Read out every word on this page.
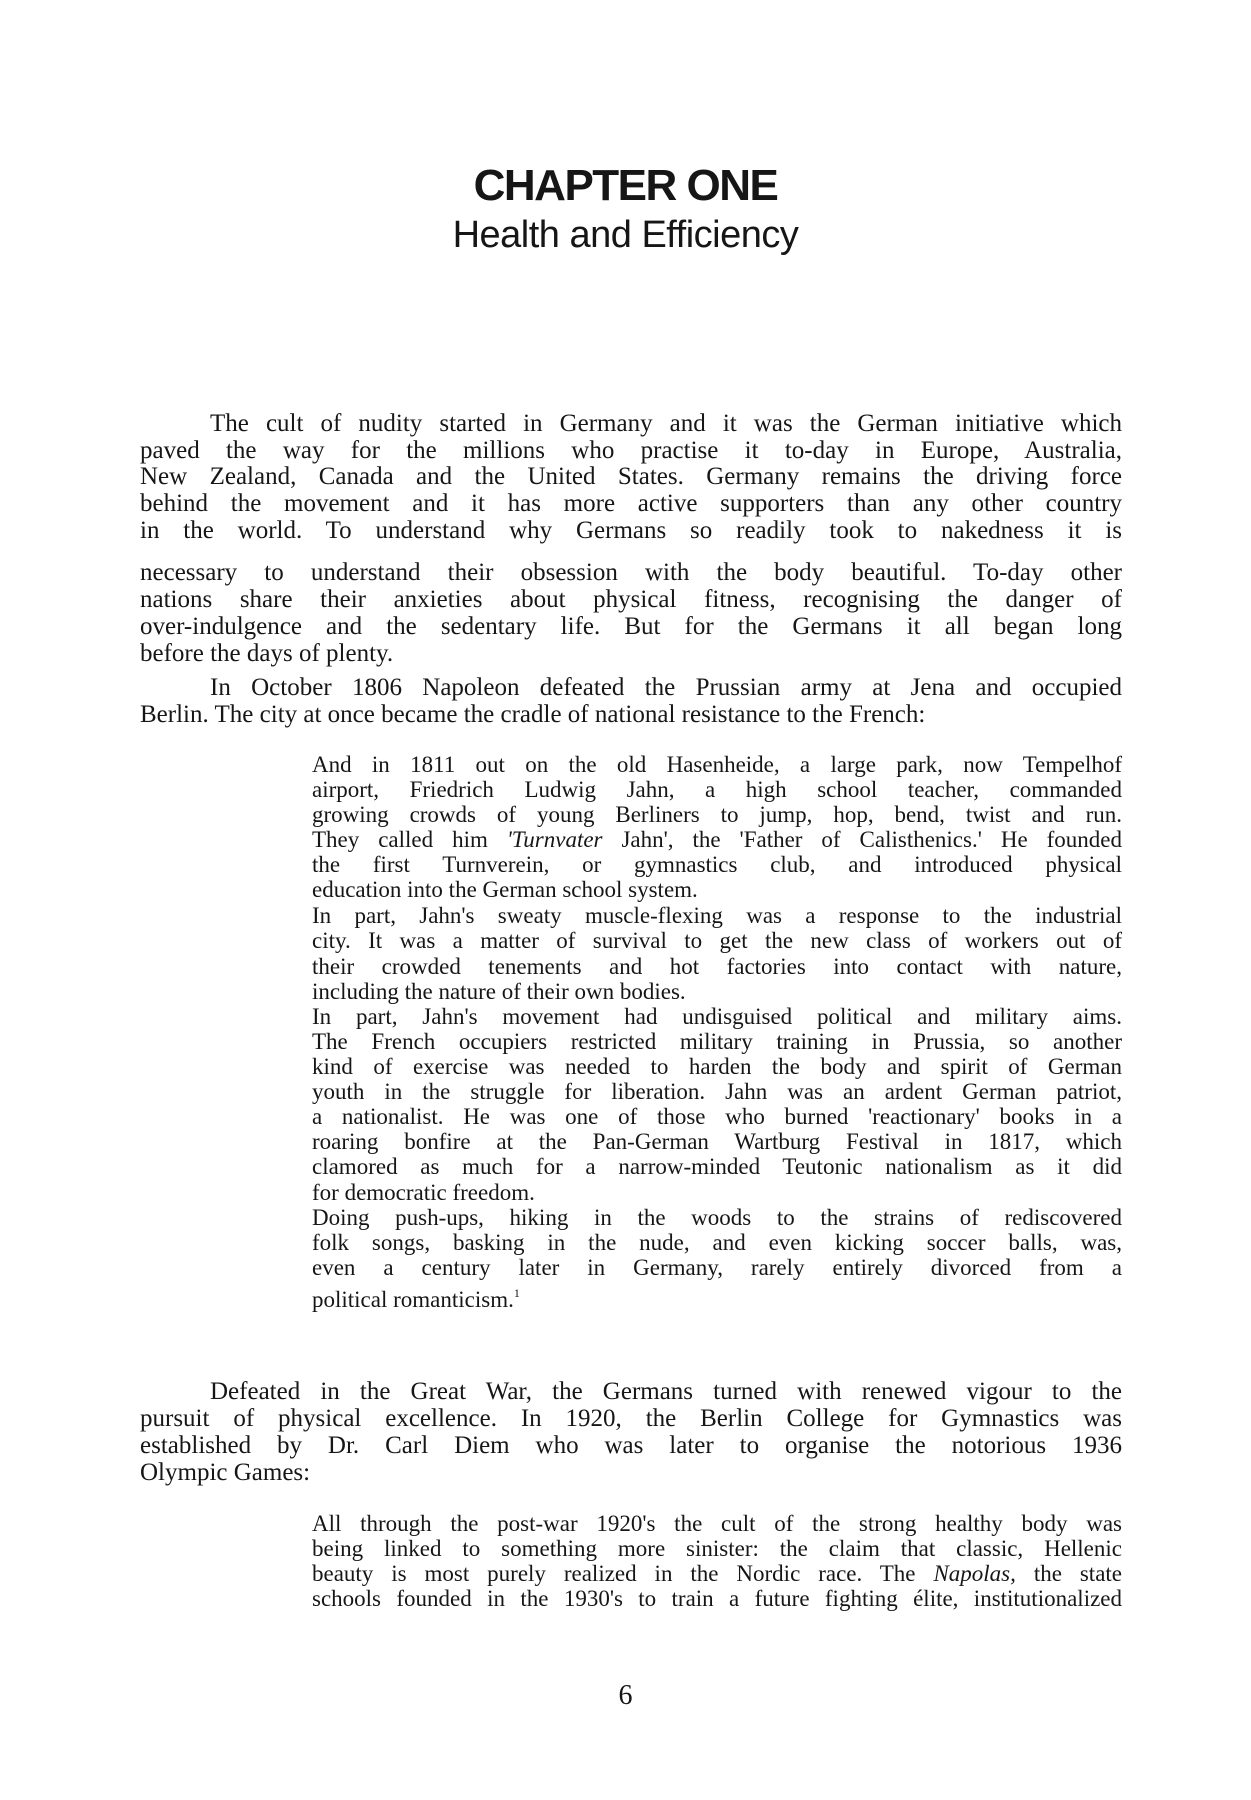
CHAPTER ONE
Health and Efficiency
The cult of nudity started in Germany and it was the German initiative which
paved the way for the millions who practise it to-day in Europe, Australia,
New Zealand, Canada and the United States. Germany remains the driving force
behind the movement and it has more active supporters than any other country
in the world. To understand why Germans so readily took to nakedness it is
necessary to understand their obsession with the body beautiful. To-day other
nations share their anxieties about physical fitness, recognising the danger of
over-indulgence and the sedentary life. But for the Germans it all began long
before the days of plenty.
In October 1806 Napoleon defeated the Prussian army at Jena and occupied
Berlin. The city at once became the cradle of national resistance to the French:
And in 1811 out on the old Hasenheide, a large park, now Tempelhof
airport, Friedrich Ludwig Jahn, a high school teacher, commanded
growing crowds of young Berliners to jump, hop, bend, twist and run.
They called him 'Turnvater Jahn', the 'Father of Calisthenics.' He founded
the first Turnverein, or gymnastics club, and introduced physical
education into the German school system.
In part, Jahn's sweaty muscle-flexing was a response to the industrial
city. It was a matter of survival to get the new class of workers out of
their crowded tenements and hot factories into contact with nature,
including the nature of their own bodies.
In part, Jahn's movement had undisguised political and military aims.
The French occupiers restricted military training in Prussia, so another
kind of exercise was needed to harden the body and spirit of German
youth in the struggle for liberation. Jahn was an ardent German patriot,
a nationalist. He was one of those who burned 'reactionary' books in a
roaring bonfire at the Pan-German Wartburg Festival in 1817, which
clamored as much for a narrow-minded Teutonic nationalism as it did
for democratic freedom.
Doing push-ups, hiking in the woods to the strains of rediscovered
folk songs, basking in the nude, and even kicking soccer balls, was,
even a century later in Germany, rarely entirely divorced from a
political romanticism.$^1$
Defeated in the Great War, the Germans turned with renewed vigour to the
pursuit of physical excellence. In 1920, the Berlin College for Gymnastics was
established by Dr. Carl Diem who was later to organise the notorious 1936
Olympic Games:
All through the post-war 1920's the cult of the strong healthy body was
being linked to something more sinister: the claim that classic, Hellenic
beauty is most purely realized in the Nordic race. The Napolas, the state
schools founded in the 1930's to train a future fighting élite, institutionalized
6
